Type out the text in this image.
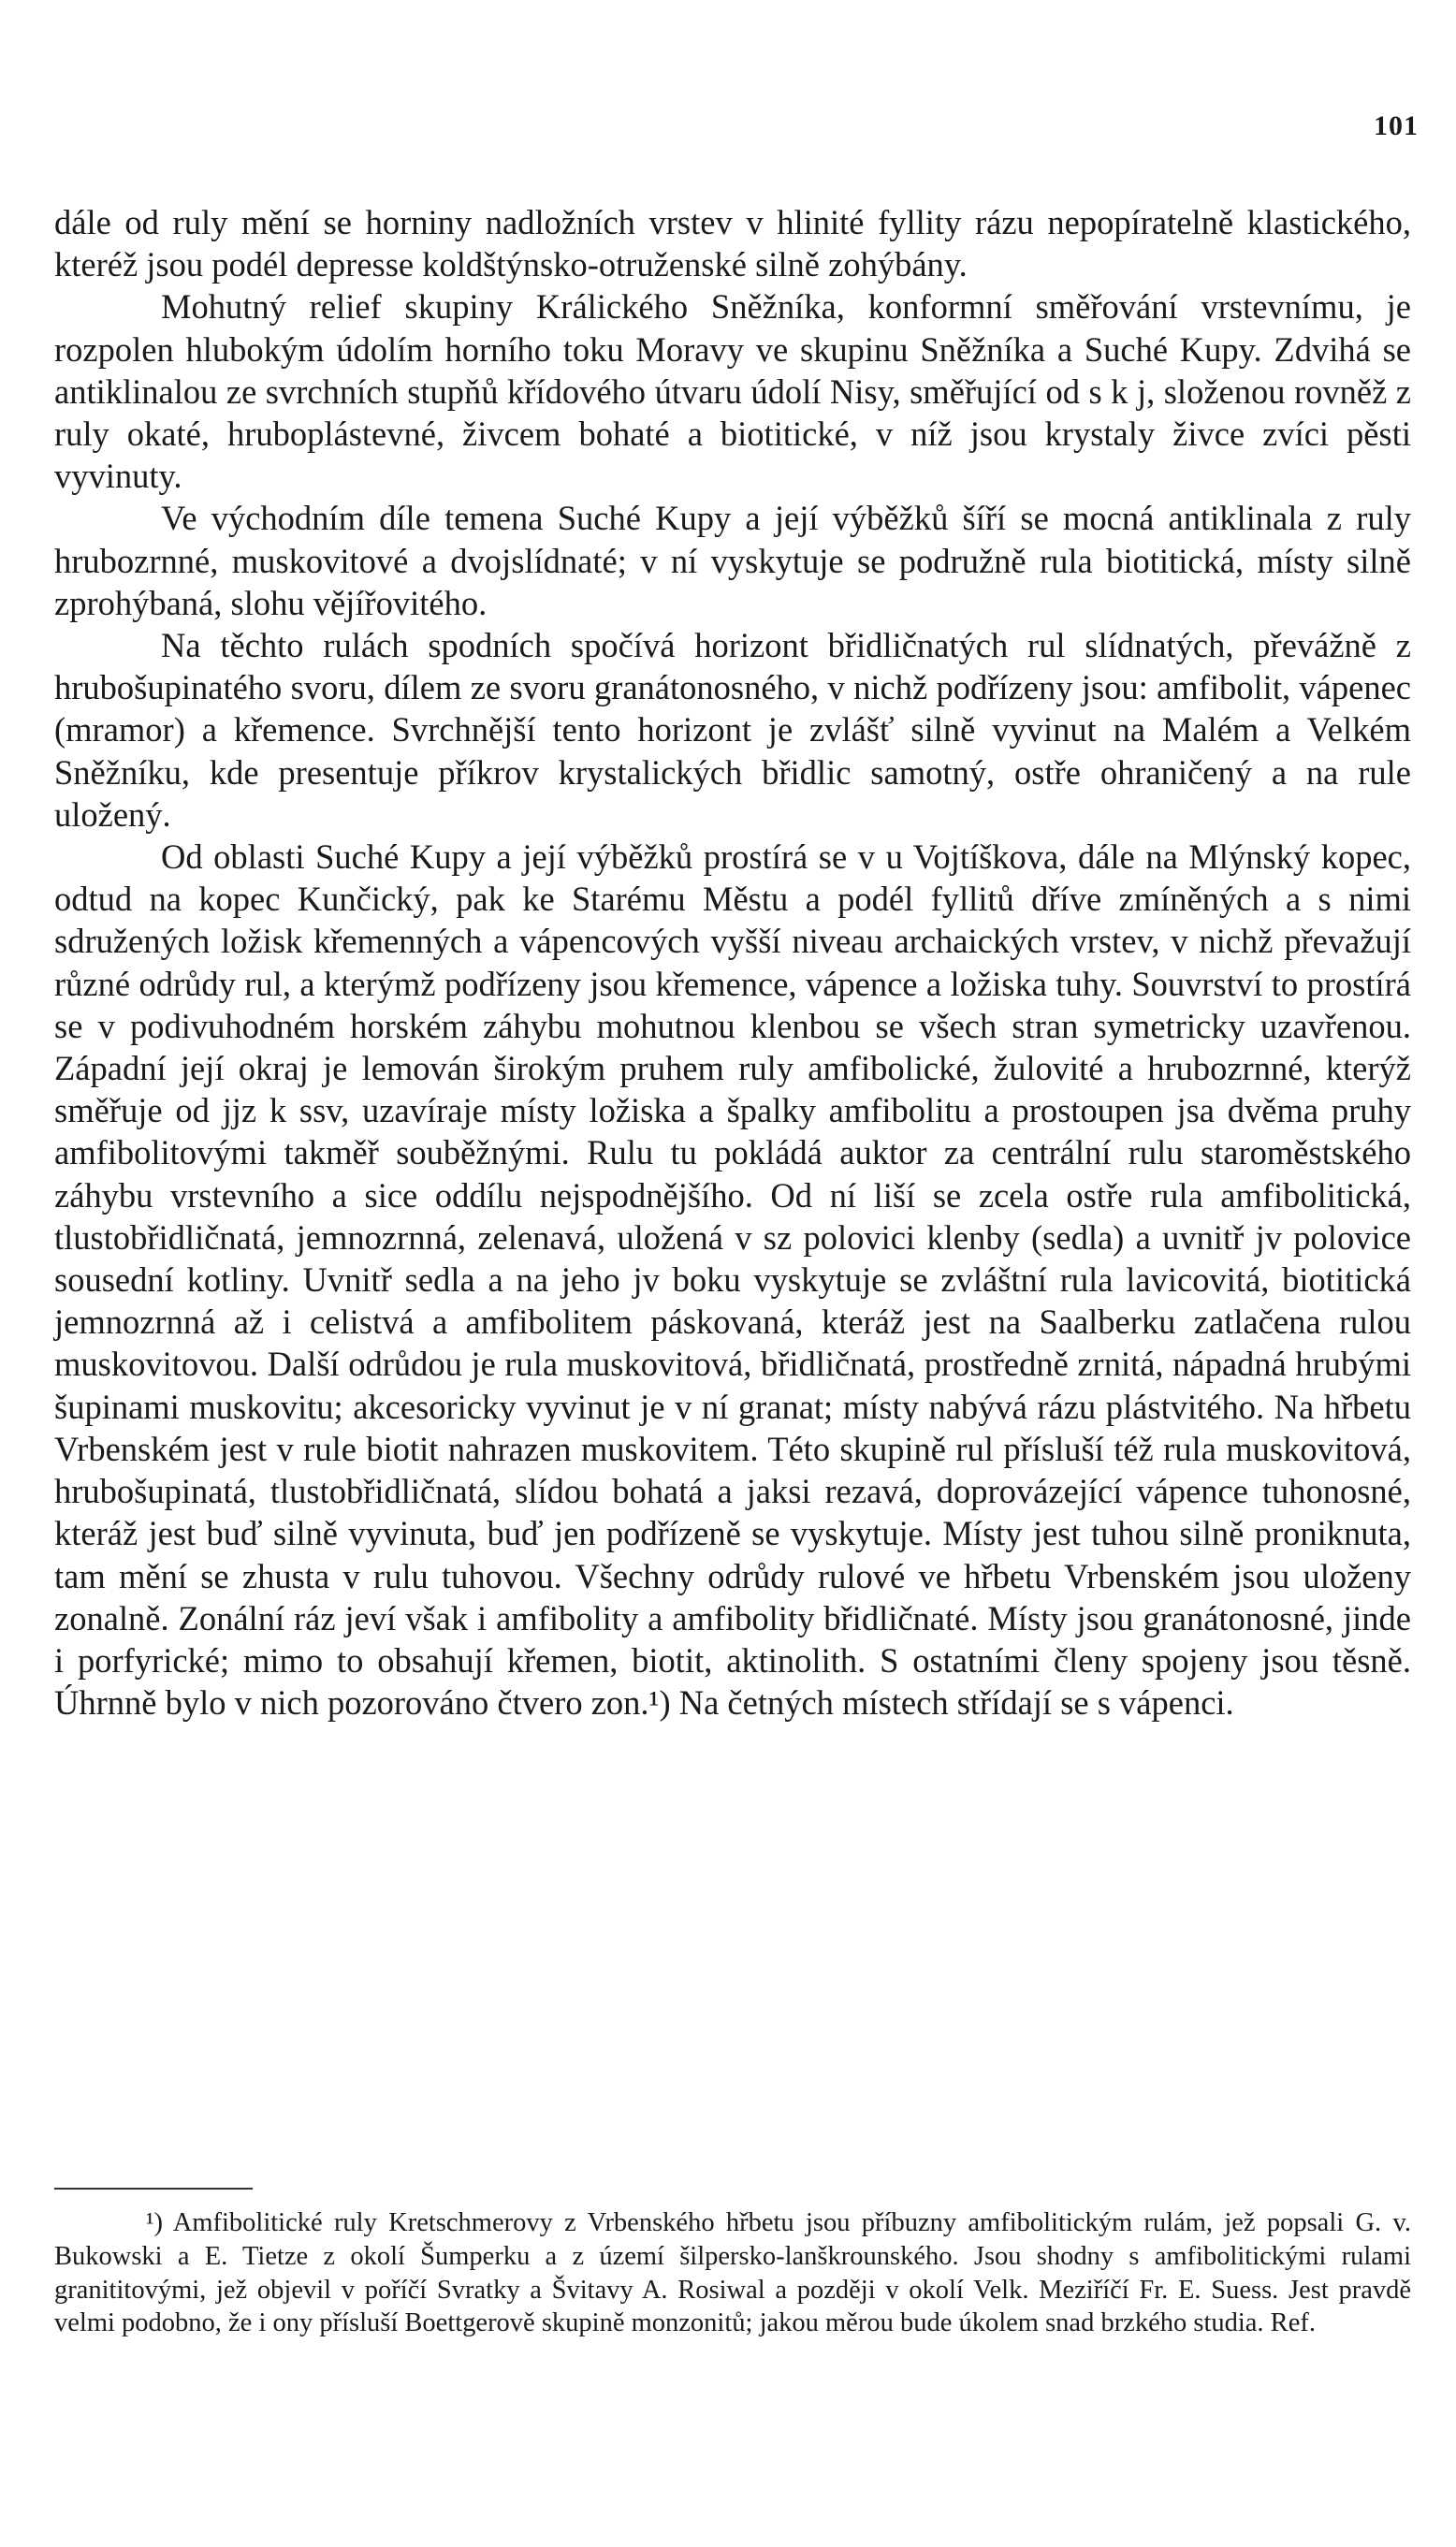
101

dále od ruly mění se horniny nadložních vrstev v hlinité fyllity rázu nepopíratelně klastického, kteréž jsou podél depresse koldštýnsko-otruženské silně zohýbány.

Mohutný relief skupiny Králického Sněžníka, konformní směřování vrstevnímu, je rozpolen hlubokým údolím horního toku Moravy ve skupinu Sněžníka a Suché Kupy. Zdvihá se antiklinalou ze svrchních stupňů křídového útvaru údolí Nisy, směřující od s k j, složenou rovněž z ruly okaté, hruboplástevné, živcem bohaté a biotitické, v níž jsou krystaly živce zvíci pěsti vyvinuty.

Ve východním díle temena Suché Kupy a její výběžků šíří se mocná antiklinala z ruly hrubozrnné, muskovitové a dvojslídnaté; v ní vyskytuje se podružně rula biotitická, místy silně zprohýbaná, slohu vějířovitého.

Na těchto rulách spodních spočívá horizont břidličnatých rul slídnatých, převážně z hrubošupinatého svoru, dílem ze svoru granátonosného, v nichž podřízeny jsou: amfibolit, vápenec (mramor) a křemence. Svrchnější tento horizont je zvlášť silně vyvinut na Malém a Velkém Sněžníku, kde presentuje příkrov krystalických břidlic samotný, ostře ohraničený a na rule uložený.

Od oblasti Suché Kupy a její výběžků prostírá se v u Vojtíškova, dále na Mlýnský kopec, odtud na kopec Kunčický, pak ke Starému Městu a podél fyllitů dříve zmíněných a s nimi sdružených ložisk křemenných a vápencových vyšší niveau archaických vrstev, v nichž převažují různé odrůdy rul, a kterýmž podřízeny jsou křemence, vápence a ložiska tuhy. Souvrství to prostírá se v podivuhodném horském záhybu mohutnou klenbou se všech stran symetricky uzavřenou. Západní její okraj je lemován širokým pruhem ruly amfibolické, žulovité a hrubozrnné, kterýž směřuje od jjz k ssv, uzavíraje místy ložiska a špalky amfibolitu a prostoupen jsa dvěma pruhy amfibolitovými takměř souběžnými. Rulu tu pokládá auktor za centrální rulu staroměstského záhybu vrstevního a sice oddílu nejspodnějšího. Od ní liší se zcela ostře rula amfibolitická, tlustobřidličnatá, jemnozrnná, zelenavá, uložená v sz polovici klenby (sedla) a uvnitř jv polovice sousední kotliny. Uvnitř sedla a na jeho jv boku vyskytuje se zvláštní rula lavicovitá, biotitická jemnozrnná až i celistvá a amfibolitem páskovaná, kteráž jest na Saalberku zatlačena rulou muskovitovou. Další odrůdou je rula muskovitová, břidličnatá, prostředně zrnitá, nápadná hrubými šupinami muskovitu; akcesoricky vyvinut je v ní granat; místy nabývá rázu plástvitého. Na hřbetu Vrbenském jest v rule biotit nahrazen muskovitem. Této skupině rul přísluší též rula muskovitová, hrubošupinatá, tlustobřidličnatá, slídou bohatá a jaksi rezavá, doprovázející vápence tuhonosné, kteráž jest buď silně vyvinuta, buď jen podřízeně se vyskytuje. Místy jest tuhou silně proniknuta, tam mění se zhusta v rulu tuhovou. Všechny odrůdy rulové ve hřbetu Vrbenském jsou uloženy zonalně. Zonální ráz jeví však i amfibolity a amfibolity břidličnaté. Místy jsou granátonosné, jinde i porfyrické; mimo to obsahují křemen, biotit, aktinolith. S ostatními členy spojeny jsou těsně. Úhrnně bylo v nich pozorováno čtvero zon.¹) Na četných místech střídají se s vápenci.

¹) Amfibolitické ruly Kretschmerovy z Vrbenského hřbetu jsou příbuzny amfibolitickým rulám, jež popsali G. v. Bukowski a E. Tietze z okolí Šumperku a z území šilpersko-lanškrounského. Jsou shodny s amfibolitickými rulami granititovými, jež objevil v poříčí Svratky a Švitavy A. Rosiwal a později v okolí Velk. Meziříčí Fr. E. Suess. Jest pravdě velmi podobno, že i ony přísluší Boettgerově skupině monzonitů; jakou měrou bude úkolem snad brzkého studia. Ref.
